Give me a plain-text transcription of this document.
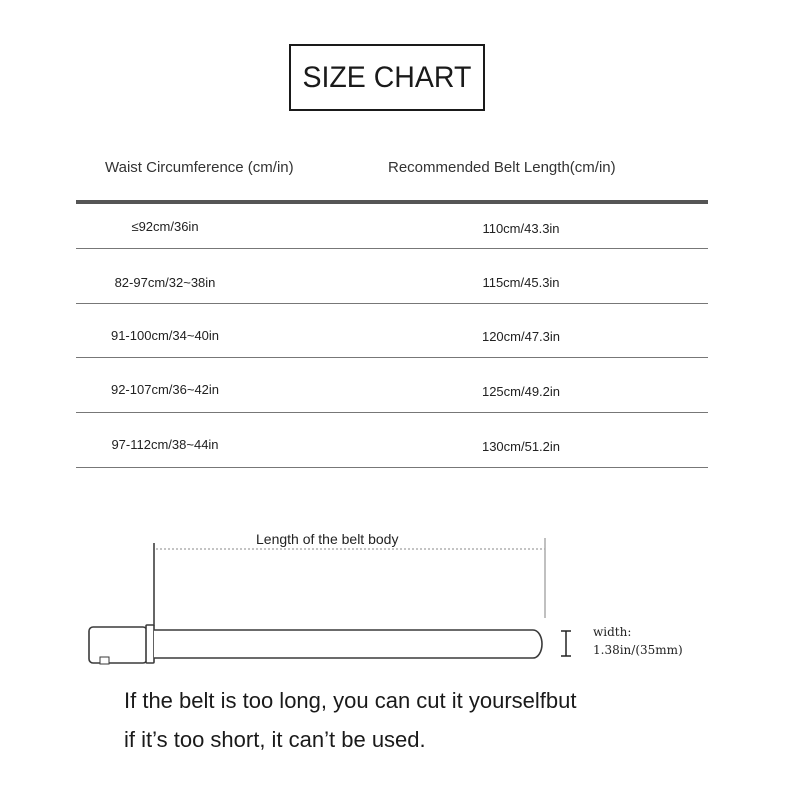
SIZE CHART
Waist Circumference (cm/in)	Recommended Belt Length(cm/in)
≤92cm/36in	110cm/43.3in
82-97cm/32~38in	115cm/45.3in
91-100cm/34~40in	120cm/47.3in
92-107cm/36~42in	125cm/49.2in
97-112cm/38~44in	130cm/51.2in
Length of the belt body
width:
1.38in/(35mm)
If the belt is too long, you can cut it yourselfbut
if it’s too short, it can’t be used.
